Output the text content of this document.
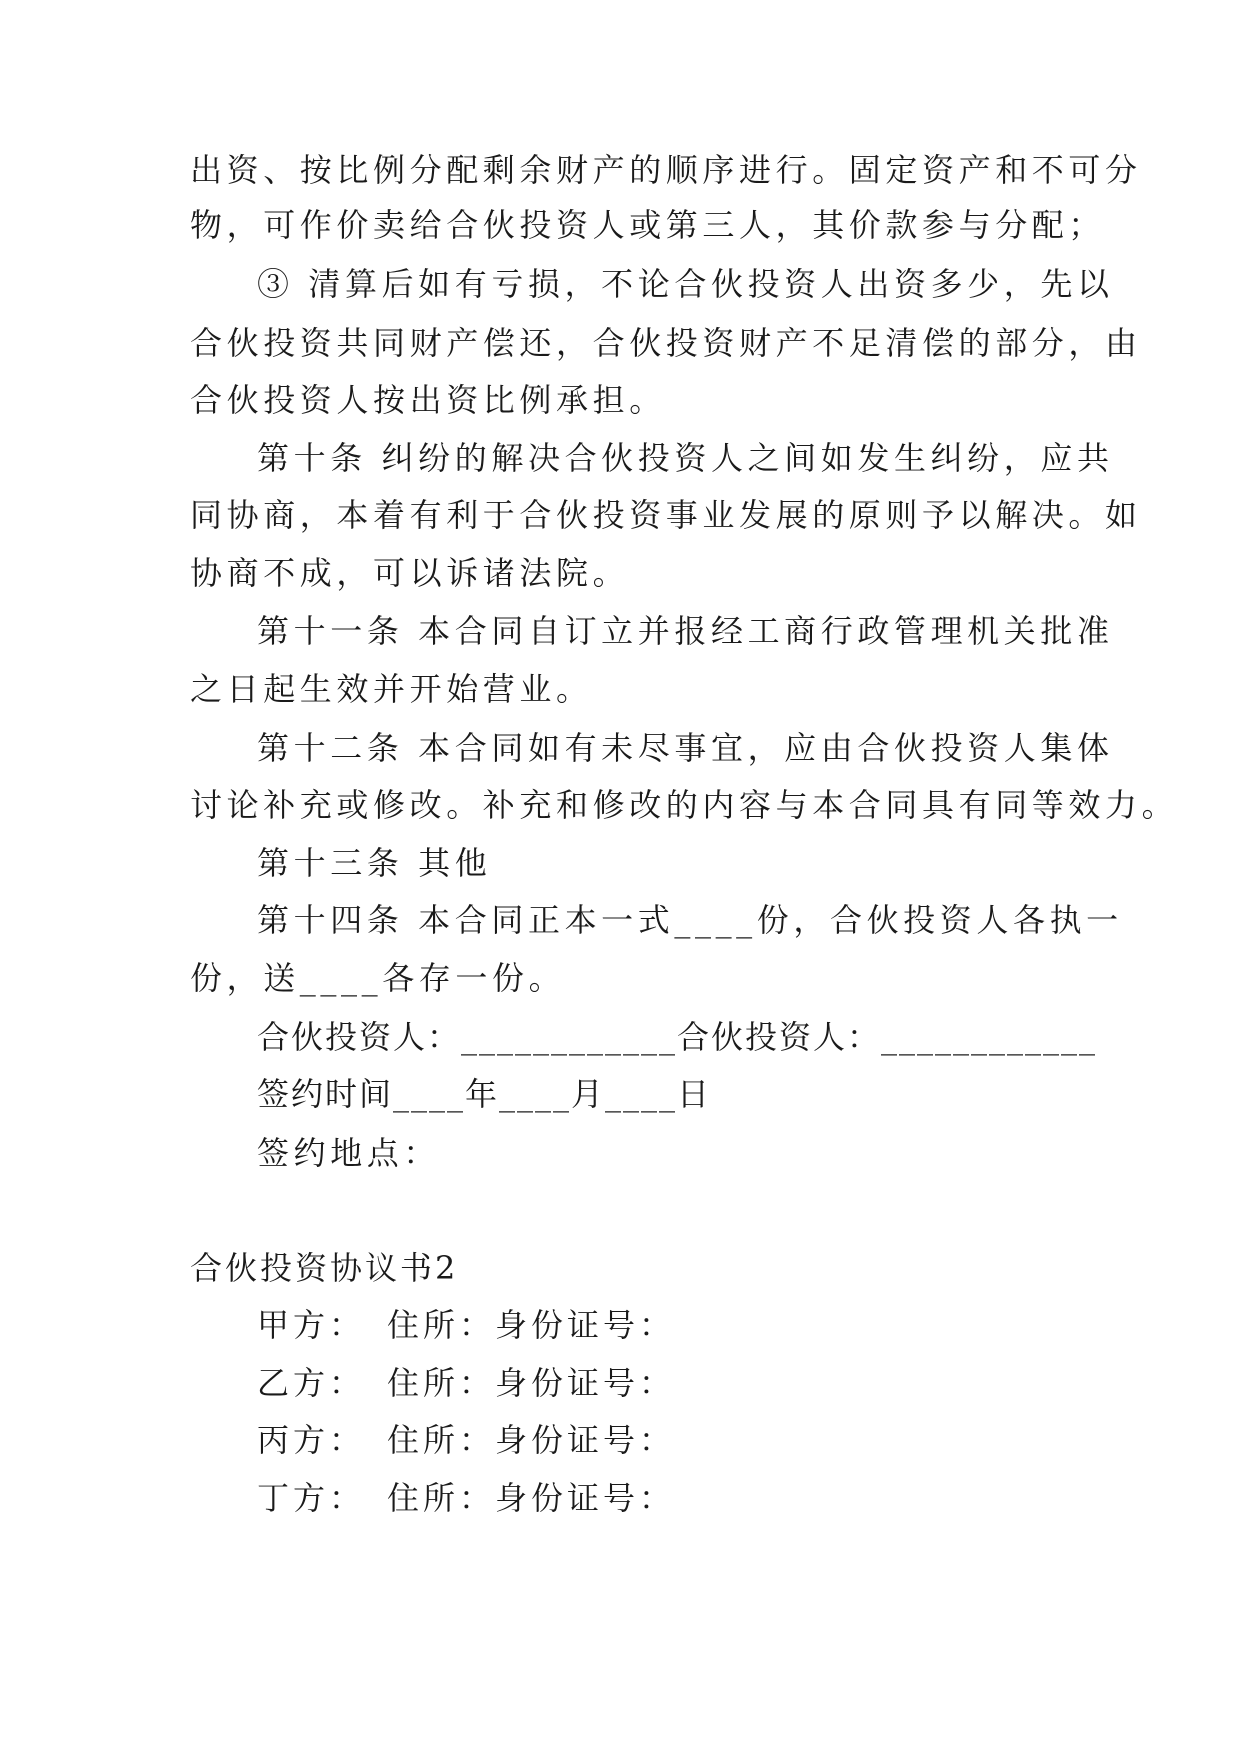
出资、按比例分配剩余财产的顺序进行。固定资产和不可分
物，可作价卖给合伙投资人或第三人，其价款参与分配；
③ 清算后如有亏损，不论合伙投资人出资多少，先以
合伙投资共同财产偿还，合伙投资财产不足清偿的部分，由
合伙投资人按出资比例承担。
第十条 纠纷的解决合伙投资人之间如发生纠纷，应共
同协商，本着有利于合伙投资事业发展的原则予以解决。如
协商不成，可以诉诸法院。
第十一条 本合同自订立并报经工商行政管理机关批准
之日起生效并开始营业。
第十二条 本合同如有未尽事宜，应由合伙投资人集体
讨论补充或修改。补充和修改的内容与本合同具有同等效力。
第十三条 其他
第十四条 本合同正本一式____份，合伙投资人各执一
份，送____各存一份。
合伙投资人：____________合伙投资人：____________
签约时间____年____月____日
签约地点：
合伙投资协议书2
甲方： 住所：身份证号：
乙方： 住所：身份证号：
丙方： 住所：身份证号：
丁方： 住所：身份证号：
